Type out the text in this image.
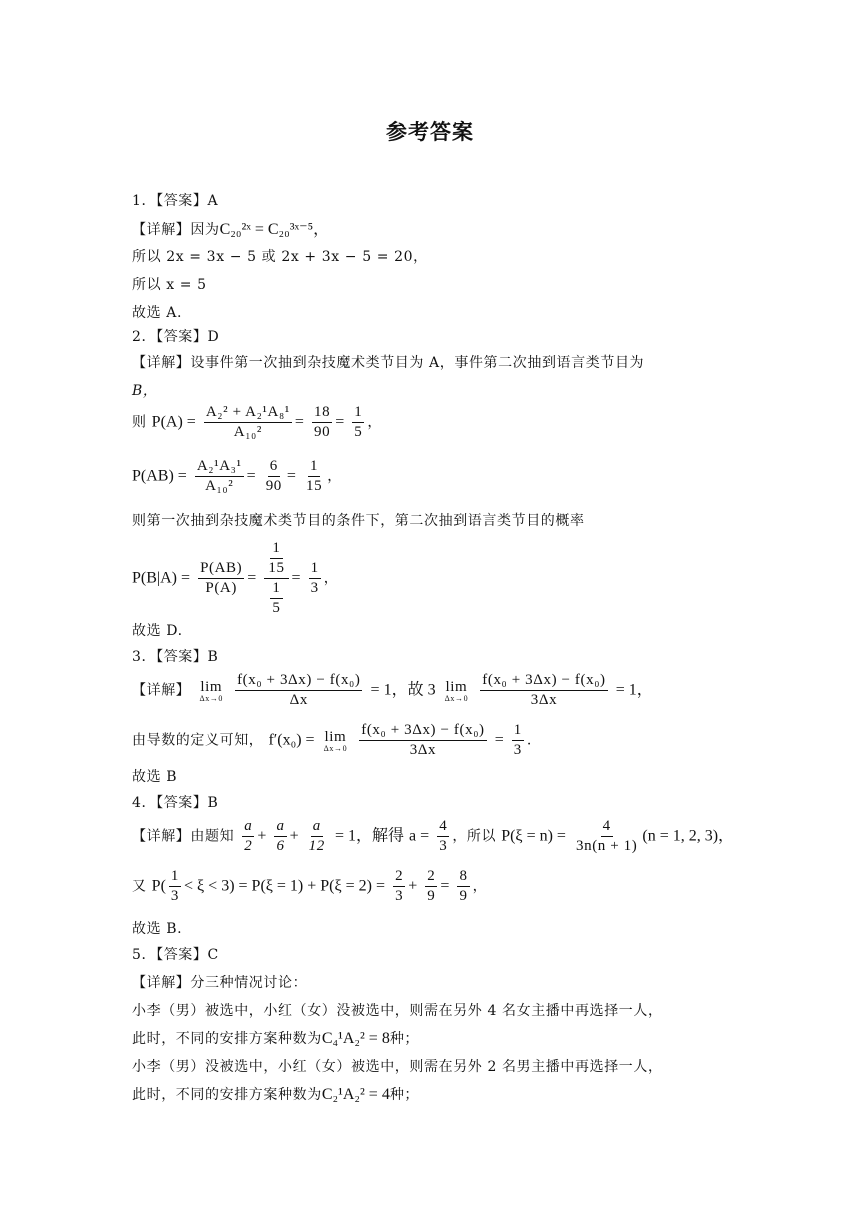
参考答案
1．【答案】A
【详解】因为C₂₀²ˣ = C₂₀³ˣ⁻⁵，
所以 2x = 3x − 5 或 2x + 3x − 5 = 20，
所以 x = 5
故选 A.
2．【答案】D
【详解】设事件第一次抽到杂技魔术类节目为 A，事件第二次抽到语言类节目为
B，
则 $P(A) = \frac{\text{A₂² + A₂¹A₈¹}}{\text{A₁₀²}} = \frac{18}{90} = \frac{1}{5}$ ，
$P(AB) = \frac{\text{A₂¹A₃¹}}{\text{A₁₀²}} = \frac{6}{90} = \frac{1}{15}$ ，
则第一次抽到杂技魔术类节目的条件下，第二次抽到语言类节目的概率
$P(B|A) = \frac{P(AB)}{P(A)} = \frac{\frac{1}{15}}{\frac{1}{5}} = \frac{1}{3}$ ，
故选 D.
3．【答案】B
【详解】 lim
Δx→0
$\frac{\text{f(x₀ + 3Δx) − f(x₀)}}{\Delta x} = 1$，故 3 lim
Δx→0
$\frac{\text{f(x₀ + 3Δx) − f(x₀)}}{3\Delta x} = 1$，
由导数的定义可知， f′(x₀) = lim
Δx→0
$\frac{\text{f(x₀ + 3Δx) − f(x₀)}}{3\Delta x} = \frac{1}{3}$ .
故选 B
4．【答案】B
【详解】由题知 $\frac{a}{2} + \frac{a}{6} + \frac{a}{12} = 1$，解得 $a = \frac{4}{3}$ ，所以 $P(\xi = n) = \frac{4}{3n(n + 1)} (n = 1$, 2, 3)，
又 $P( \frac{1}{3} < \xi < 3) = P(\xi = 1) + P(\xi = 2) = \frac{2}{3} + \frac{2}{9} = \frac{8}{9}$ ，
故选 B.
5．【答案】C
【详解】分三种情况讨论：
小李（男）被选中，小红（女）没被选中，则需在另外 4 名女主播中再选择一人，
此时，不同的安排方案种数为C₄¹A₂² = 8种；
小李（男）没被选中，小红（女）被选中，则需在另外 2 名男主播中再选择一人，
此时，不同的安排方案种数为C₂¹A₂² = 4种；
